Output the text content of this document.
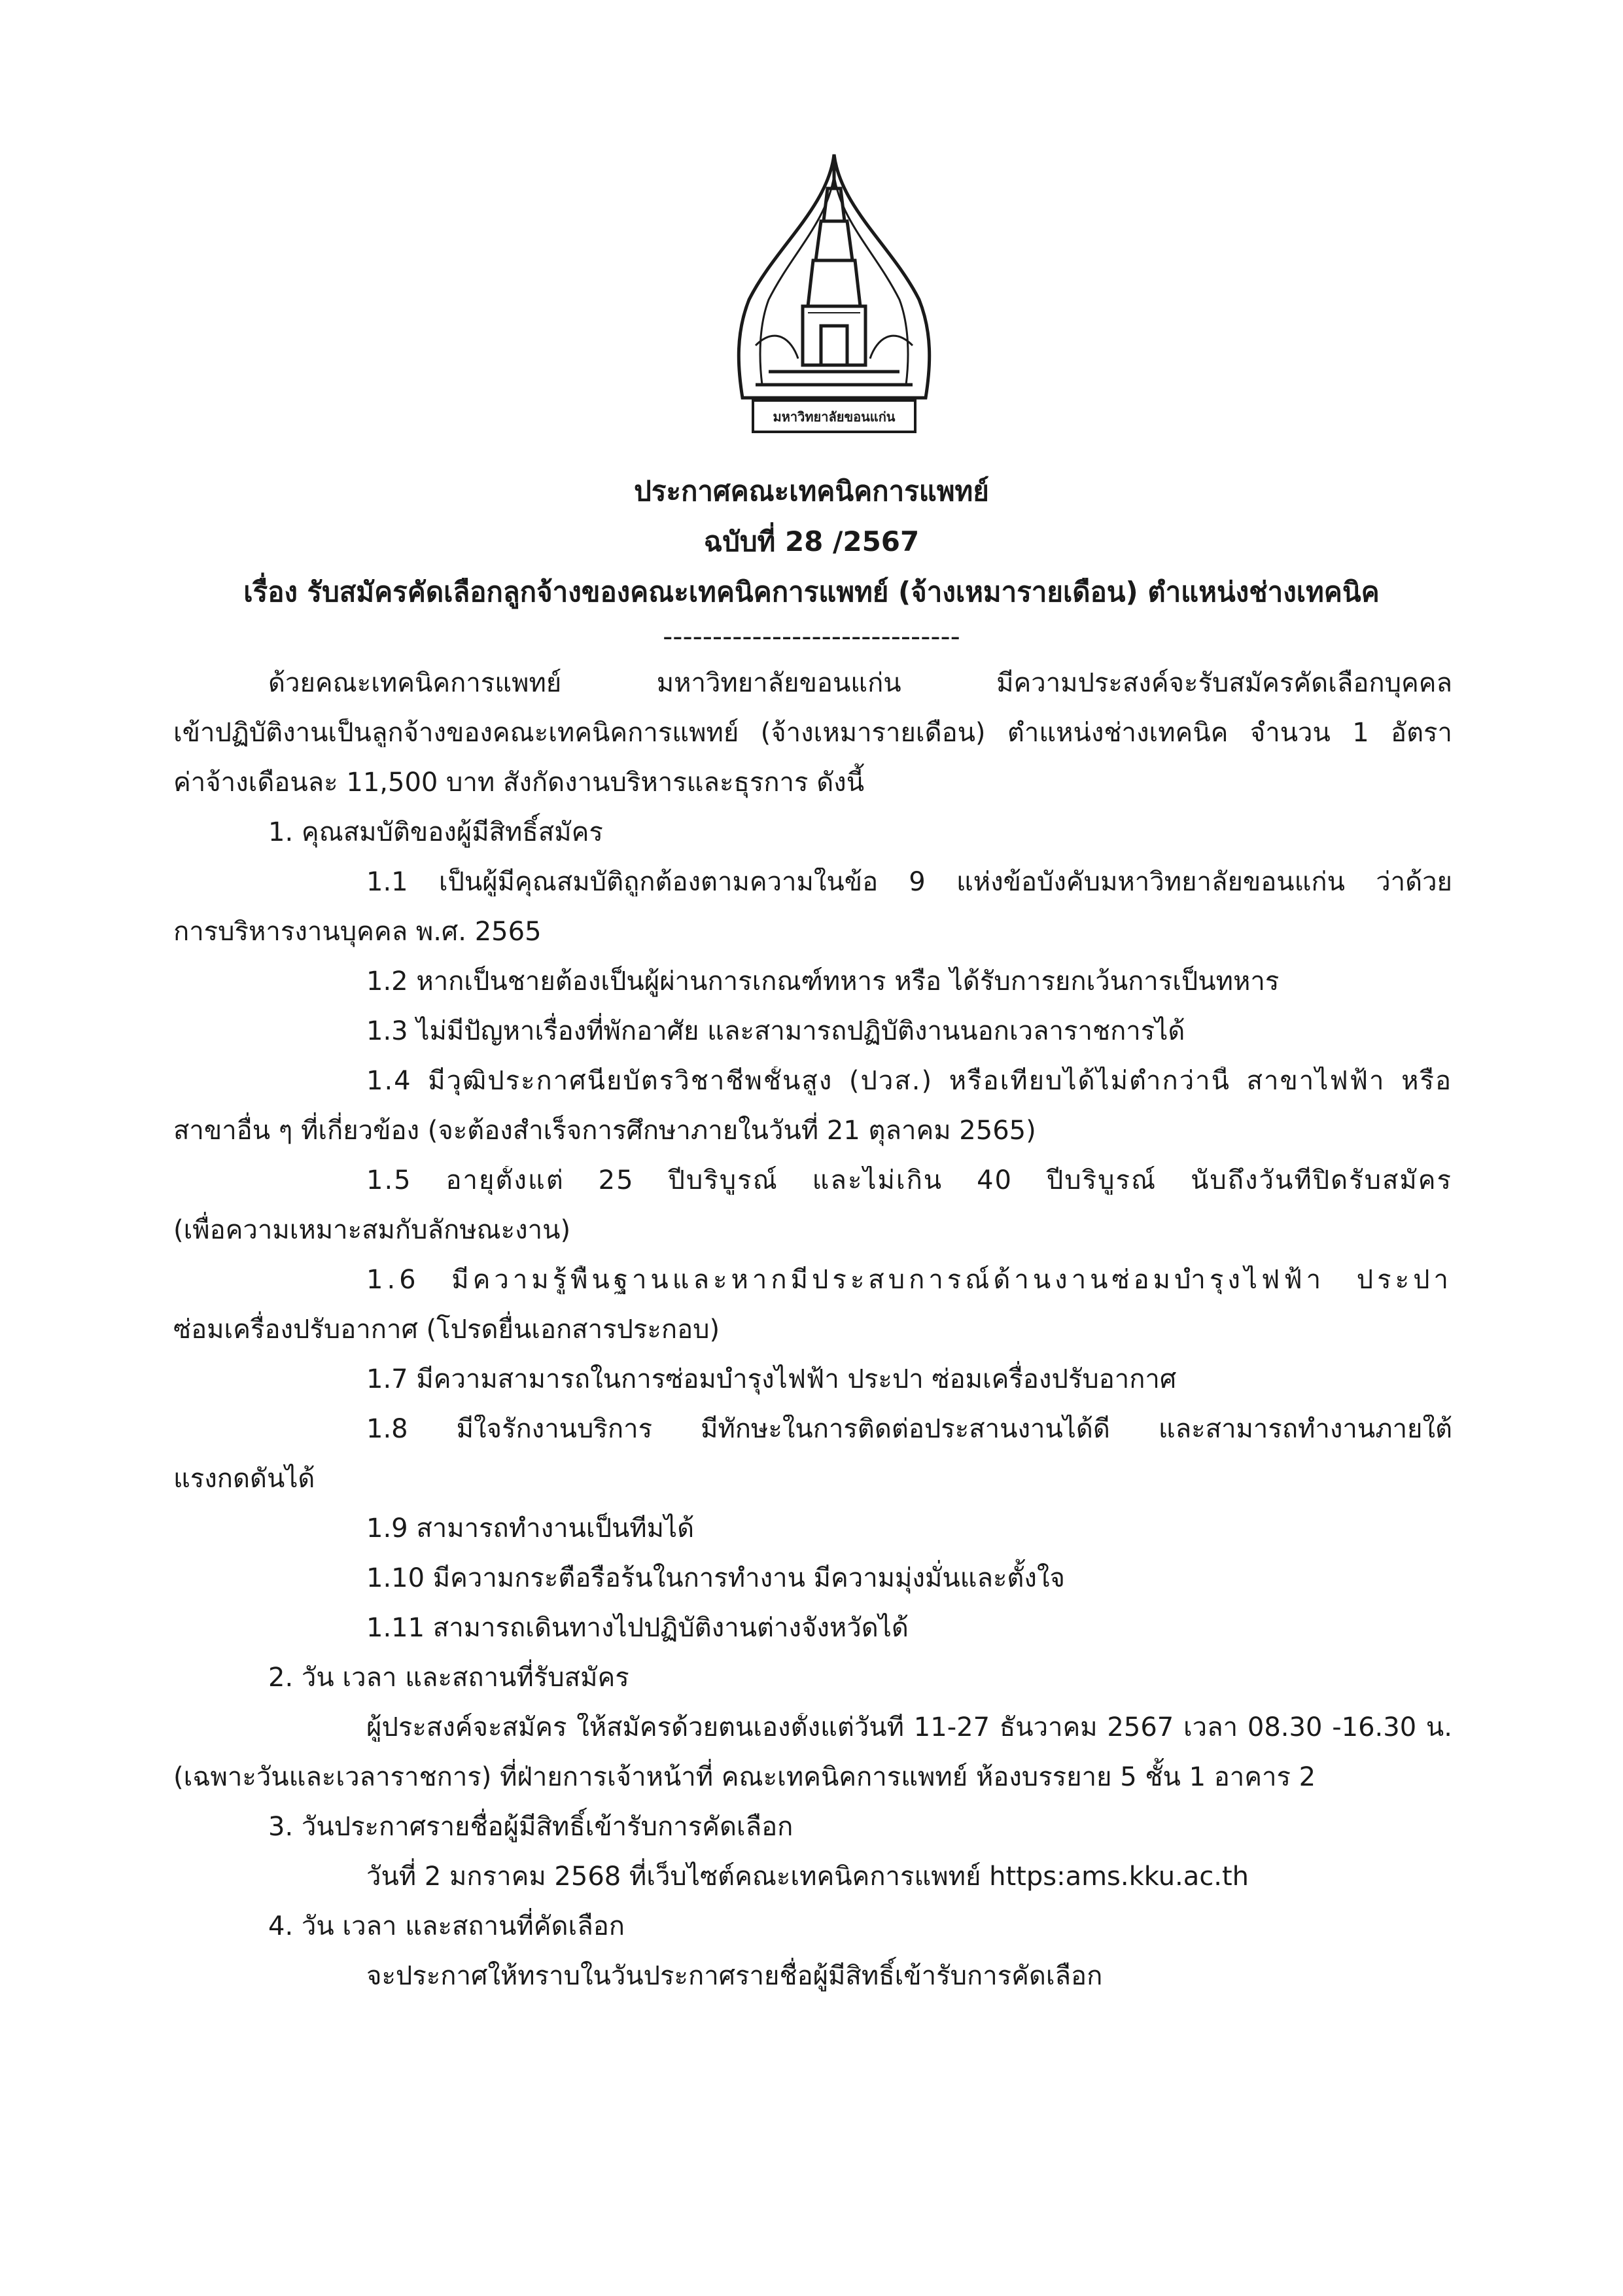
มหาวิทยาลัยขอนแก่น
ประกาศคณะเทคนิคการแพทย์
ฉบับที่ 28 /2567
เรื่อง รับสมัครคัดเลือกลูกจ้างของคณะเทคนิคการแพทย์ (จ้างเหมารายเดือน) ตำแหน่งช่างเทคนิค
------------------------------
ด้วยคณะเทคนิคการแพทย์ มหาวิทยาลัยขอนแก่น มีความประสงค์จะรับสมัครคัดเลือกบุคคล
เข้าปฏิบัติงานเป็นลูกจ้างของคณะเทคนิคการแพทย์ (จ้างเหมารายเดือน) ตำแหน่งช่างเทคนิค จำนวน 1 อัตรา
ค่าจ้างเดือนละ 11,500 บาท สังกัดงานบริหารและธุรการ ดังนี้
1. คุณสมบัติของผู้มีสิทธิ์สมัคร
1.1 เป็นผู้มีคุณสมบัติถูกต้องตามความในข้อ 9 แห่งข้อบังคับมหาวิทยาลัยขอนแก่น ว่าด้วย
การบริหารงานบุคคล พ.ศ. 2565
1.2 หากเป็นชายต้องเป็นผู้ผ่านการเกณฑ์ทหาร หรือ ได้รับการยกเว้นการเป็นทหาร
1.3 ไม่มีปัญหาเรื่องที่พักอาศัย และสามารถปฏิบัติงานนอกเวลาราชการได้
1.4 มีวุฒิประกาศนียบัตรวิชาชีพชั้นสูง (ปวส.) หรือเทียบได้ไม่ต่ำกว่านี้ สาขาไฟฟ้า หรือ
สาขาอื่น ๆ ที่เกี่ยวข้อง (จะต้องสำเร็จการศึกษาภายในวันที่ 21 ตุลาคม 2565)
1.5 อายุตั้งแต่ 25 ปีบริบูรณ์ และไม่เกิน 40 ปีบริบูรณ์ นับถึงวันที่ปิดรับสมัคร
(เพื่อความเหมาะสมกับลักษณะงาน)
1.6 มีความรู้พื้นฐานและหากมีประสบการณ์ด้านงานซ่อมบำรุงไฟฟ้า ประปา
ซ่อมเครื่องปรับอากาศ (โปรดยื่นเอกสารประกอบ)
1.7 มีความสามารถในการซ่อมบำรุงไฟฟ้า ประปา ซ่อมเครื่องปรับอากาศ
1.8 มีใจรักงานบริการ มีทักษะในการติดต่อประสานงานได้ดี และสามารถทำงานภายใต้
แรงกดดันได้
1.9 สามารถทำงานเป็นทีมได้
1.10 มีความกระตือรือร้นในการทำงาน มีความมุ่งมั่นและตั้งใจ
1.11 สามารถเดินทางไปปฏิบัติงานต่างจังหวัดได้
2. วัน เวลา และสถานที่รับสมัคร
ผู้ประสงค์จะสมัคร ให้สมัครด้วยตนเองตั้งแต่วันที่ 11-27 ธันวาคม 2567 เวลา 08.30 -16.30 น.
(เฉพาะวันและเวลาราชการ) ที่ฝ่ายการเจ้าหน้าที่ คณะเทคนิคการแพทย์ ห้องบรรยาย 5 ชั้น 1 อาคาร 2
3. วันประกาศรายชื่อผู้มีสิทธิ์เข้ารับการคัดเลือก
วันที่ 2 มกราคม 2568 ที่เว็บไซต์คณะเทคนิคการแพทย์ https:ams.kku.ac.th
4. วัน เวลา และสถานที่คัดเลือก
จะประกาศให้ทราบในวันประกาศรายชื่อผู้มีสิทธิ์เข้ารับการคัดเลือก
